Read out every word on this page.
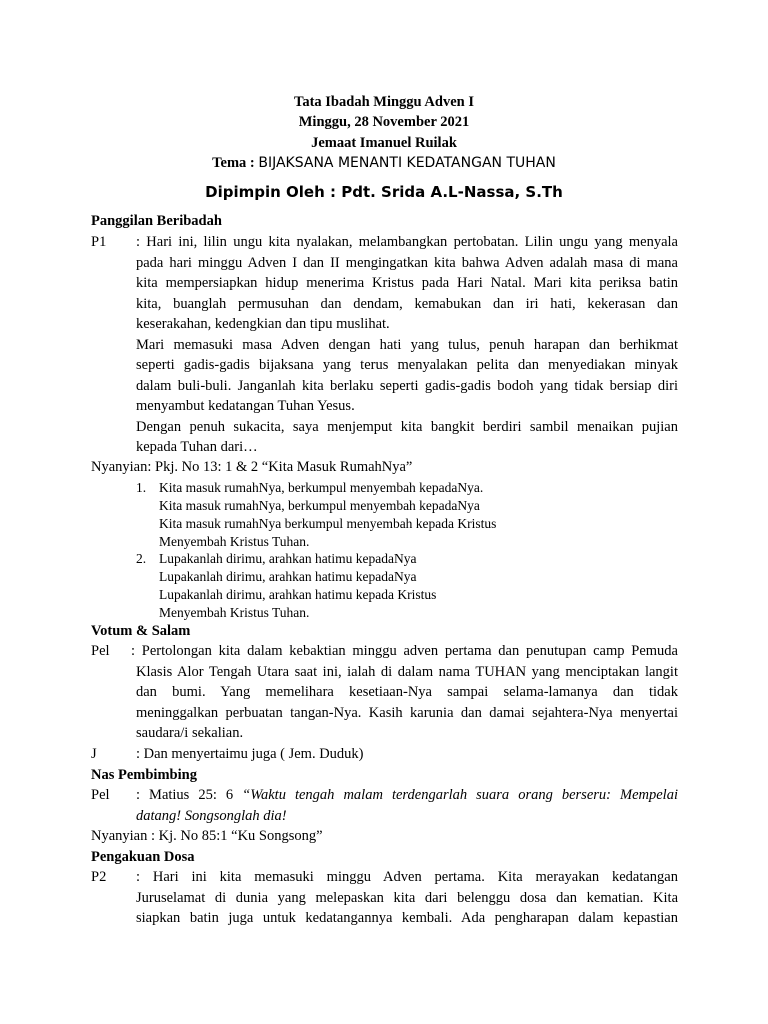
Tata Ibadah Minggu Adven I
Minggu, 28 November 2021
Jemaat Imanuel Ruilak
Tema : BIJAKSANA MENANTI KEDATANGAN TUHAN
Dipimpin Oleh : Pdt. Srida A.L-Nassa, S.Th
Panggilan Beribadah
P1 : Hari ini, lilin ungu kita nyalakan, melambangkan pertobatan. Lilin ungu yang menyala
pada hari minggu Adven I dan II mengingatkan kita bahwa Adven adalah masa di mana
kita mempersiapkan hidup menerima Kristus pada Hari Natal. Mari kita periksa batin
kita, buanglah permusuhan dan dendam, kemabukan dan iri hati, kekerasan dan
keserakahan, kedengkian dan tipu muslihat.
Mari memasuki masa Adven dengan hati yang tulus, penuh harapan dan berhikmat
seperti gadis-gadis bijaksana yang terus menyalakan pelita dan menyediakan minyak
dalam buli-buli. Janganlah kita berlaku seperti gadis-gadis bodoh yang tidak bersiap diri
menyambut kedatangan Tuhan Yesus.
Dengan penuh sukacita, saya menjemput kita bangkit berdiri sambil menaikan pujian
kepada Tuhan dari…
Nyanyian: Pkj. No 13: 1 & 2 “Kita Masuk RumahNya”
1. Kita masuk rumahNya, berkumpul menyembah kepadaNya.
Kita masuk rumahNya, berkumpul menyembah kepadaNya
Kita masuk rumahNya berkumpul menyembah kepada Kristus
Menyembah Kristus Tuhan.
2. Lupakanlah dirimu, arahkan hatimu kepadaNya
Lupakanlah dirimu, arahkan hatimu kepadaNya
Lupakanlah dirimu, arahkan hatimu kepada Kristus
Menyembah Kristus Tuhan.
Votum & Salam
Pel : Pertolongan kita dalam kebaktian minggu adven pertama dan penutupan camp Pemuda
Klasis Alor Tengah Utara saat ini, ialah di dalam nama TUHAN yang menciptakan langit
dan bumi. Yang memelihara kesetiaan-Nya sampai selama-lamanya dan tidak
meninggalkan perbuatan tangan-Nya. Kasih karunia dan damai sejahtera-Nya menyertai
saudara/i sekalian.
J	: Dan menyertaimu juga ( Jem. Duduk)
Nas Pembimbing
Pel : Matius 25: 6 “Waktu tengah malam terdengarlah suara orang berseru: Mempelai
datang! Songsonglah dia!
Nyanyian : Kj. No 85:1 “Ku Songsong”
Pengakuan Dosa
P2 : Hari ini kita memasuki minggu Adven pertama. Kita merayakan kedatangan
Juruselamat di dunia yang melepaskan kita dari belenggu dosa dan kematian. Kita
siapkan batin juga untuk kedatangannya kembali. Ada pengharapan dalam kepastian
